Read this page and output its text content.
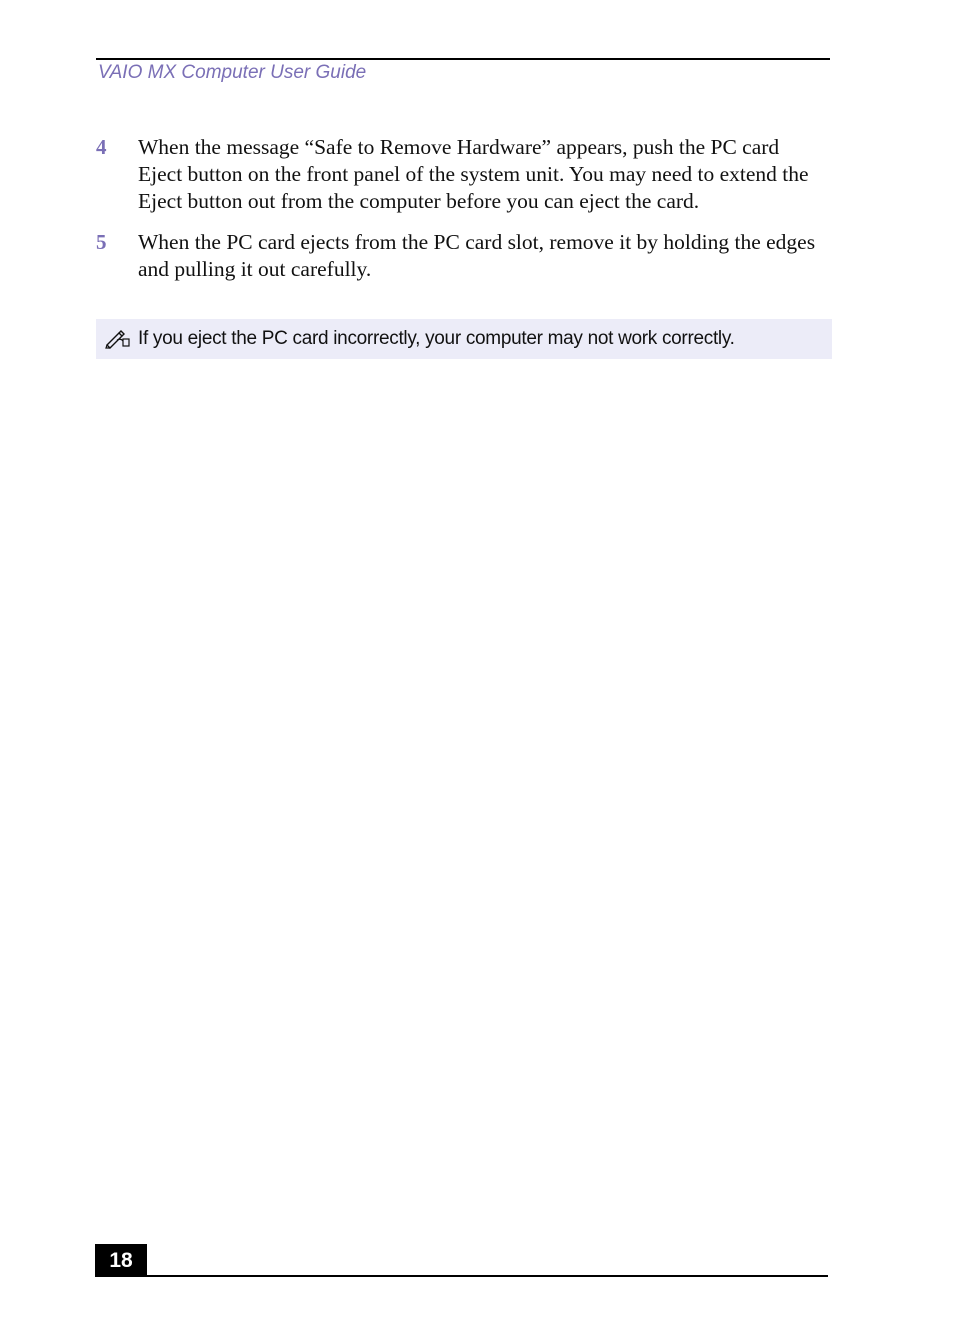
VAIO MX Computer User Guide
4	When the message “Safe to Remove Hardware” appears, push the PC card Eject button on the front panel of the system unit. You may need to extend the Eject button out from the computer before you can eject the card.
5	When the PC card ejects from the PC card slot, remove it by holding the edges and pulling it out carefully.
If you eject the PC card incorrectly, your computer may not work correctly.
18
